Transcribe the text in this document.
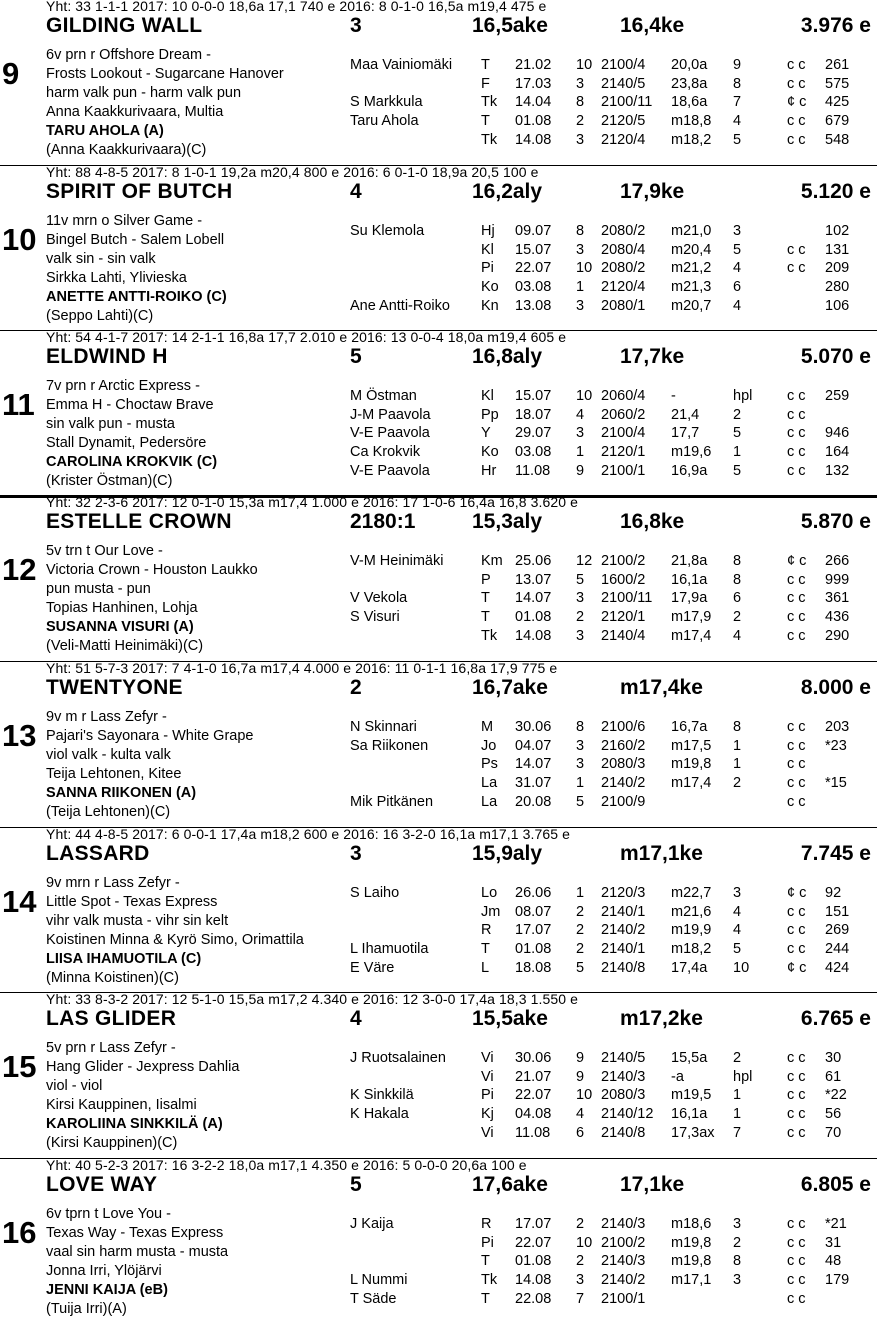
Yht: 33 1-1-1 2017: 10 0-0-0 18,6a 17,1 740 e 2016: 8 0-1-0 16,5a m19,4 475 e
GILDING WALL	3	16,5ake	16,4ke	3.976 e
9
6v prn r Offshore Dream -
Frosts Lookout - Sugarcane Hanover
harm valk pun - harm valk pun
Anna Kaakkurivaara, Multia
TARU AHOLA (A)
(Anna Kaakkurivaara)(C)
Maa Vainiomäki T 21.02 10 2100/4 20,0a 9	c c 261
F 17.03 3 2140/5 23,8a 8	c c 575
S Markkula	Tk 14.04 8 2100/11 18,6a 7	¢ c 425
Taru Ahola	T 01.08 2 2120/5 m18,8 4	c c 679
Tk 14.08 3 2120/4 m18,2 5	c c 548
Yht: 88 4-8-5 2017: 8 1-0-1 19,2a m20,4 800 e 2016: 6 0-1-0 18,9a 20,5 100 e
SPIRIT OF BUTCH	4	16,2aly	17,9ke	5.120 e
10
11v mrn o Silver Game -
Bingel Butch - Salem Lobell
valk sin - sin valk
Sirkka Lahti, Ylivieska
ANETTE ANTTI-ROIKO (C)
(Seppo Lahti)(C)
Su Klemola	Hj 09.07 8 2080/2 m21,0 3	102
Kl 15.07 3 2080/4 m20,4 5	c c 131
Pi 22.07 10 2080/2 m21,2 4	c c 209
Ko 03.08 1 2120/4 m21,3 6	280
Ane Antti-Roiko Kn 13.08 3 2080/1 m20,7 4	106
Yht: 54 4-1-7 2017: 14 2-1-1 16,8a 17,7 2.010 e 2016: 13 0-0-4 18,0a m19,4 605 e
ELDWIND H	5	16,8aly	17,7ke	5.070 e
11
7v prn r Arctic Express -
Emma H - Choctaw Brave
sin valk pun - musta
Stall Dynamit, Pedersöre
CAROLINA KROKVIK (C)
(Krister Östman)(C)
M Östman	Kl 15.07 10 2060/4 -	hpl c c 259
J-M Paavola	Pp 18.07 4 2060/2 21,4 2	c c
V-E Paavola	Y 29.07 3 2100/4 17,7 5	c c 946
Ca Krokvik	Ko 03.08 1 2120/1 m19,6 1	c c 164
V-E Paavola	Hr 11.08 9 2100/1 16,9a 5	c c 132
Yht: 32 2-3-6 2017: 12 0-1-0 15,3a m17,4 1.000 e 2016: 17 1-0-6 16,4a 16,8 3.620 e
ESTELLE CROWN	2180:1	15,3aly	16,8ke	5.870 e
12
5v trn t Our Love -
Victoria Crown - Houston Laukko
pun musta - pun
Topias Hanhinen, Lohja
SUSANNA VISURI (A)
(Veli-Matti Heinimäki)(C)
V-M Heinimäki	Km 25.06 12 2100/2 21,8a 8	¢ c 266
P 13.07 5 1600/2 16,1a 8	c c 999
V Vekola	T 14.07 3 2100/11 17,9a 6	c c 361
S Visuri	T 01.08 2 2120/1 m17,9 2	c c 436
Tk 14.08 3 2140/4 m17,4 4	c c 290
Yht: 51 5-7-3 2017: 7 4-1-0 16,7a m17,4 4.000 e 2016: 11 0-1-1 16,8a 17,9 775 e
TWENTYONE	2	16,7ake	m17,4ke	8.000 e
13
9v m r Lass Zefyr -
Pajari's Sayonara - White Grape
viol valk - kulta valk
Teija Lehtonen, Kitee
SANNA RIIKONEN (A)
(Teija Lehtonen)(C)
N Skinnari	M 30.06 8 2100/6 16,7a 8	c c 203
Sa Riikonen	Jo 04.07 3 2160/2 m17,5 1	c c *23
Ps 14.07 3 2080/3 m19,8 1	c c
La 31.07 1 2140/2 m17,4 2	c c *15
Mik Pitkänen	La 20.08 5 2100/9	c c
Yht: 44 4-8-5 2017: 6 0-0-1 17,4a m18,2 600 e 2016: 16 3-2-0 16,1a m17,1 3.765 e
LASSARD	3	15,9aly	m17,1ke	7.745 e
14
9v mrn r Lass Zefyr -
Little Spot - Texas Express
vihr valk musta - vihr sin kelt
Koistinen Minna & Kyrö Simo, Orimattila
LIISA IHAMUOTILA (C)
(Minna Koistinen)(C)
S Laiho	Lo 26.06 1 2120/3 m22,7 3	¢ c 92
Jm 08.07 2 2140/1 m21,6 4	c c 151
R 17.07 2 2140/2 m19,9 4	c c 269
L Ihamuotila	T 01.08 2 2140/1 m18,2 5	c c 244
E Väre	L 18.08 5 2140/8 17,4a 10	¢ c 424
Yht: 33 8-3-2 2017: 12 5-1-0 15,5a m17,2 4.340 e 2016: 12 3-0-0 17,4a 18,3 1.550 e
LAS GLIDER	4	15,5ake	m17,2ke	6.765 e
15
5v prn r Lass Zefyr -
Hang Glider - Jexpress Dahlia
viol - viol
Kirsi Kauppinen, Iisalmi
KAROLIINA SINKKILÄ (A)
(Kirsi Kauppinen)(C)
J Ruotsalainen Vi 30.06 9 2140/5 15,5a 2	c c 30
Vi 21.07 9 2140/3 -a	hpl c c 61
K Sinkkilä	Pi 22.07 10 2080/3 m19,5 1	c c *22
K Hakala	Kj 04.08 4 2140/12 16,1a 1	c c 56
Vi 11.08 6 2140/8 17,3ax 7	c c 70
Yht: 40 5-2-3 2017: 16 3-2-2 18,0a m17,1 4.350 e 2016: 5 0-0-0 20,6a 100 e
LOVE WAY	5	17,6ake	17,1ke	6.805 e
16
6v tprn t Love You -
Texas Way - Texas Express
vaal sin harm musta - musta
Jonna Irri, Ylöjärvi
JENNI KAIJA (eB)
(Tuija Irri)(A)
J Kaija	R 17.07 2 2140/3 m18,6 3	c c *21
Pi 22.07 10 2100/2 m19,8 2	c c 31
T 01.08 2 2140/3 m19,8 8	c c 48
L Nummi	Tk 14.08 3 2140/2 m17,1 3	c c 179
T Säde	T 22.08 7 2100/1	c c
